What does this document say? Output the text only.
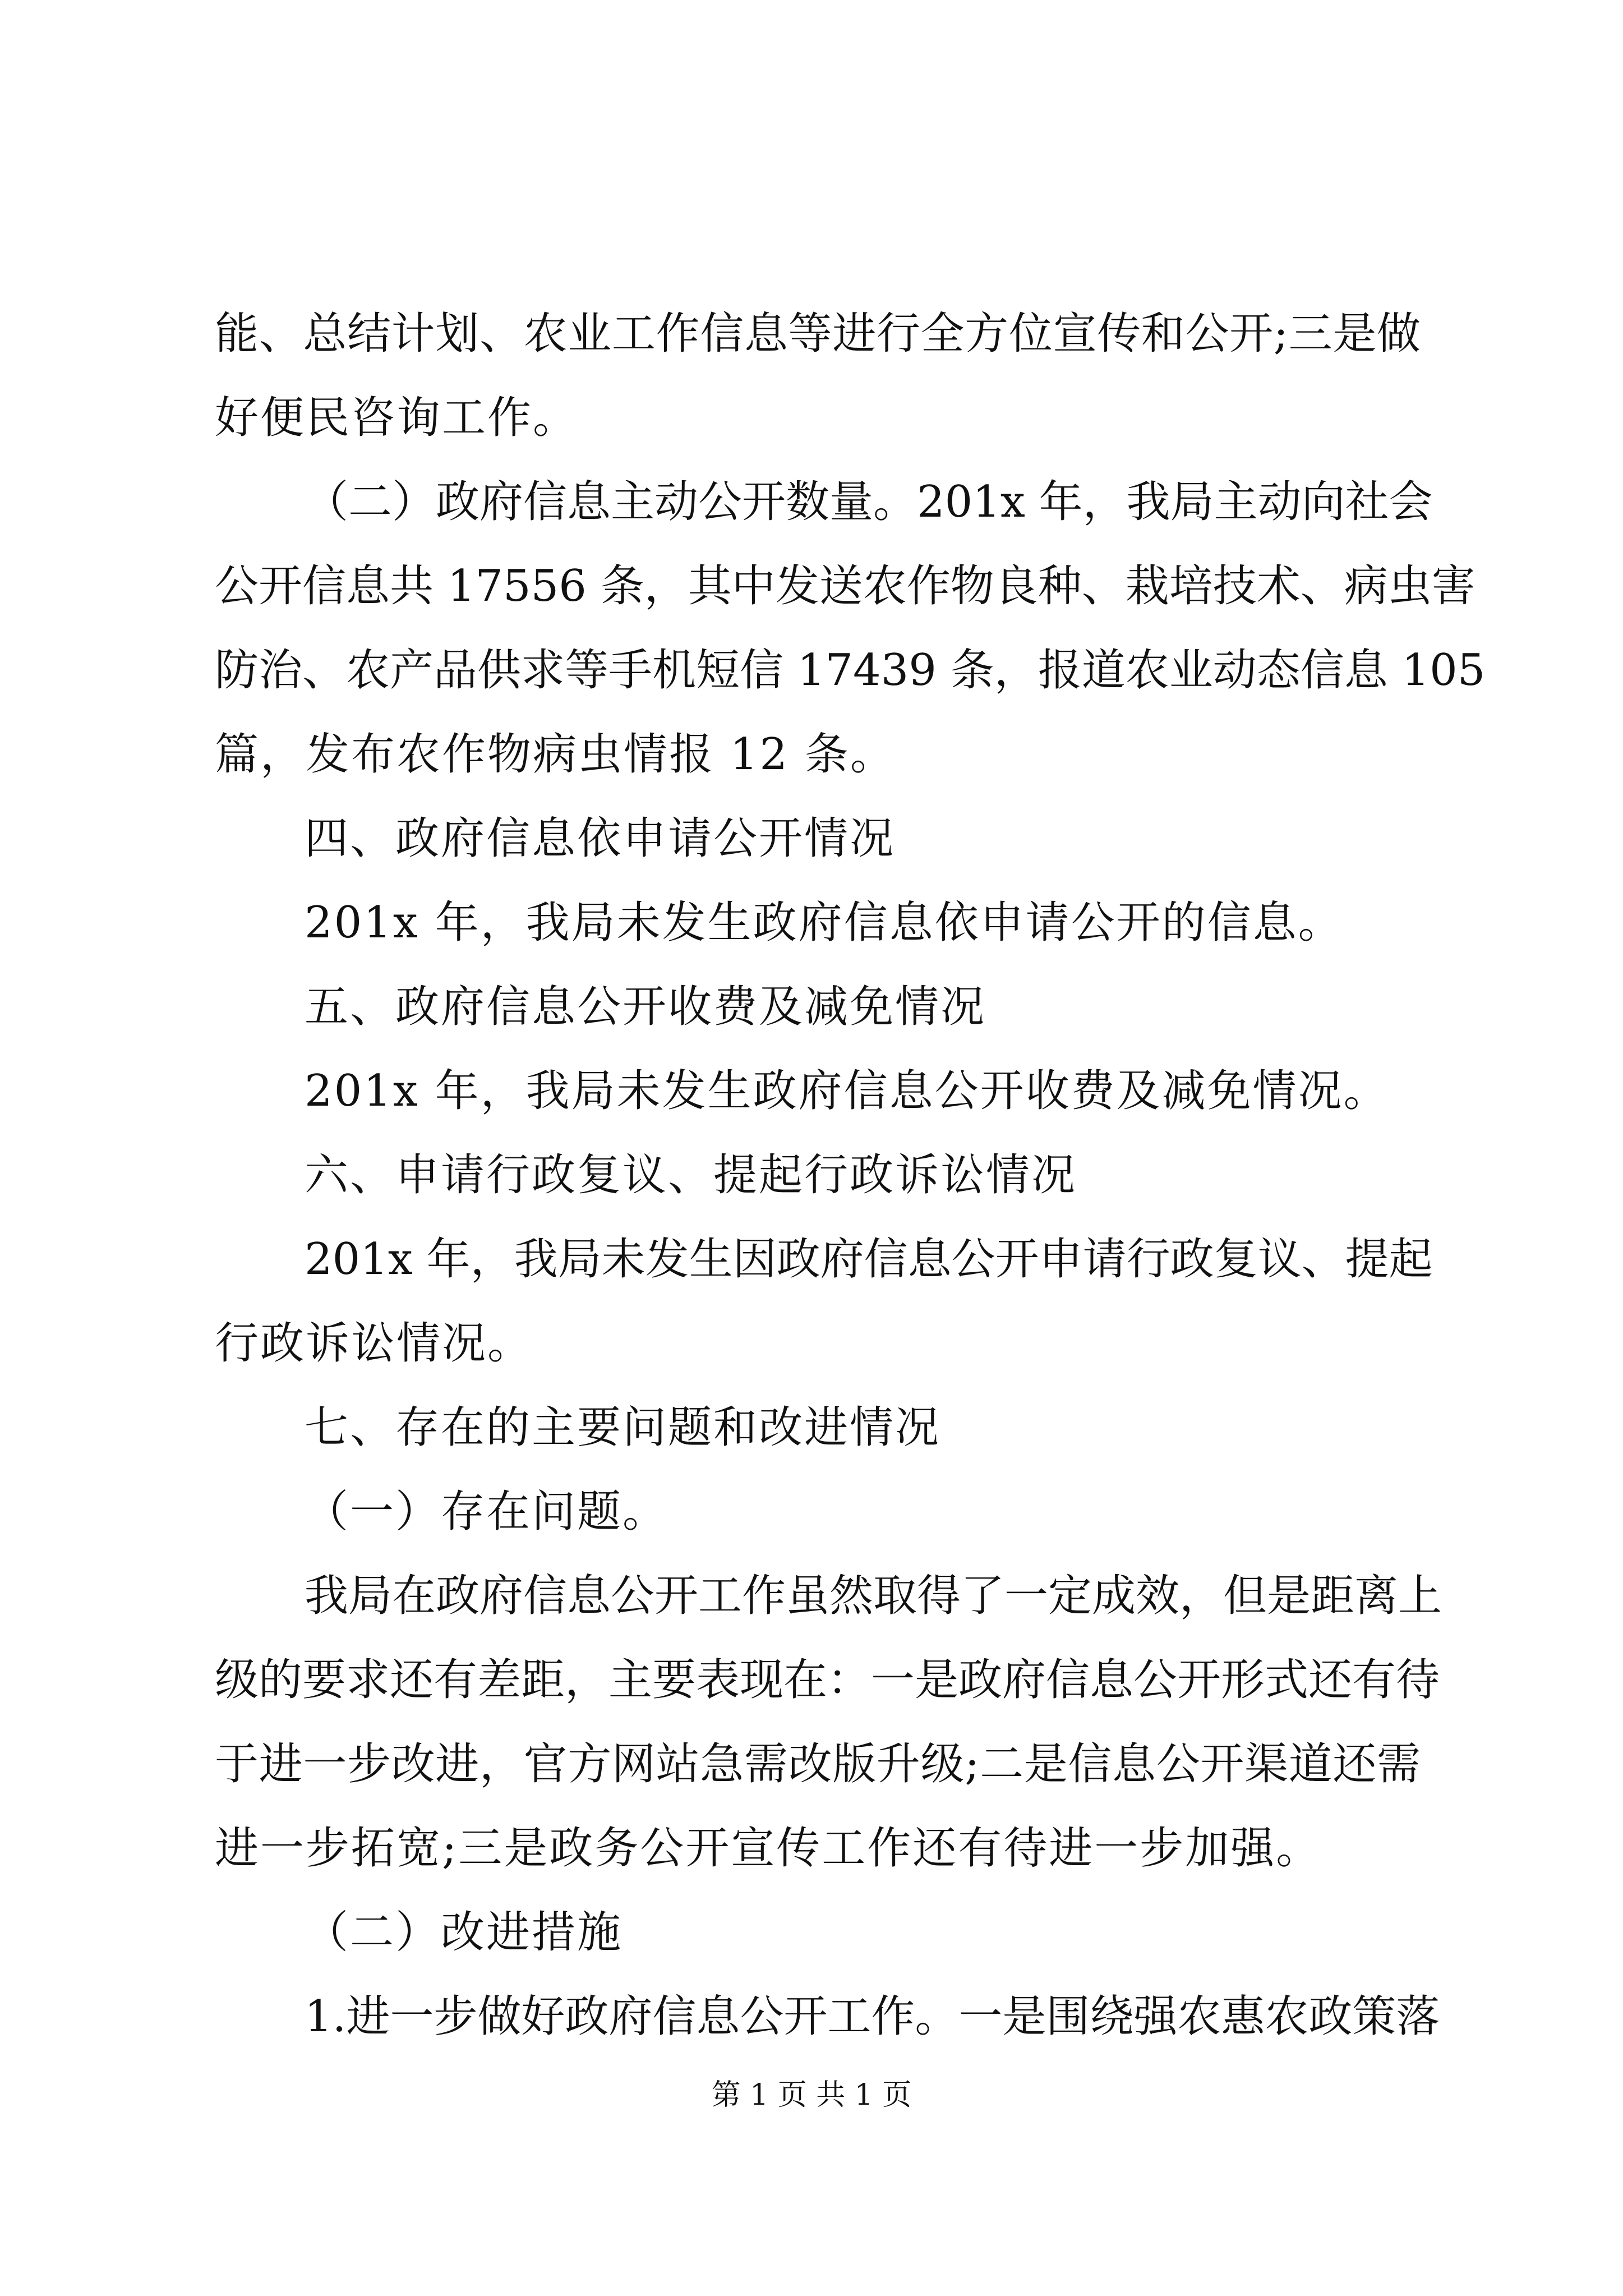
能、总结计划、农业工作信息等进行全方位宣传和公开;三是做
好便民咨询工作。
（二）政府信息主动公开数量。201x 年，我局主动向社会
公开信息共 17556 条，其中发送农作物良种、栽培技术、病虫害
防治、农产品供求等手机短信 17439 条，报道农业动态信息 105
篇，发布农作物病虫情报 12 条。
四、政府信息依申请公开情况
201x 年，我局未发生政府信息依申请公开的信息。
五、政府信息公开收费及减免情况
201x 年，我局未发生政府信息公开收费及减免情况。
六、申请行政复议、提起行政诉讼情况
201x 年，我局未发生因政府信息公开申请行政复议、提起
行政诉讼情况。
七、存在的主要问题和改进情况
（一）存在问题。
我局在政府信息公开工作虽然取得了一定成效，但是距离上
级的要求还有差距，主要表现在：一是政府信息公开形式还有待
于进一步改进，官方网站急需改版升级;二是信息公开渠道还需
进一步拓宽;三是政务公开宣传工作还有待进一步加强。
（二）改进措施
1.进一步做好政府信息公开工作。一是围绕强农惠农政策落
第 1 页 共 1 页
